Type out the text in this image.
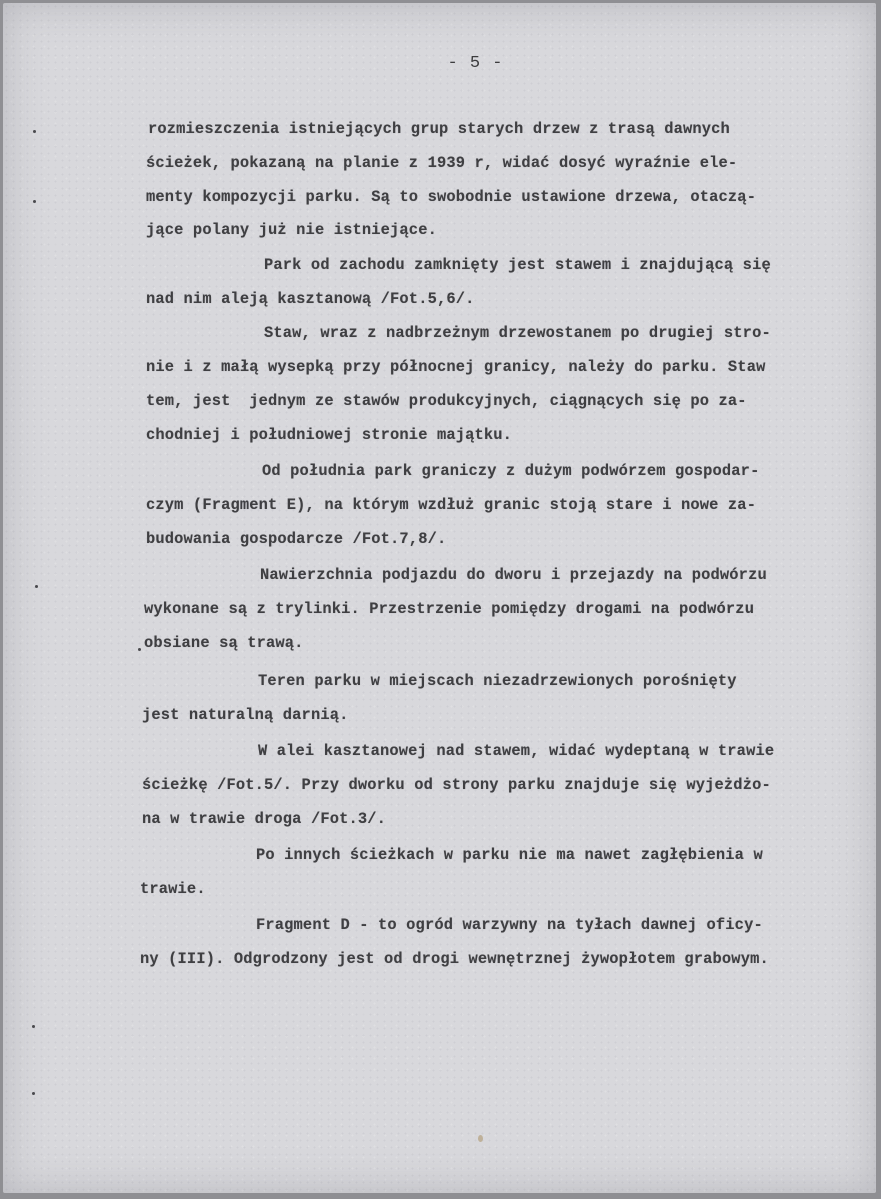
- 5 -
rozmieszczenia istniejących grup starych drzew z trasą dawnych
ścieżek, pokazaną na planie z 1939 r, widać dosyć wyraźnie ele-
menty kompozycji parku. Są to swobodnie ustawione drzewa, otaczą-
jące polany już nie istniejące.
Park od zachodu zamknięty jest stawem i znajdującą się
nad nim aleją kasztanową /Fot.5,6/.
Staw, wraz z nadbrzeżnym drzewostanem po drugiej stro-
nie i z małą wysepką przy północnej granicy, należy do parku. Staw
tem, jest  jednym ze stawów produkcyjnych, ciągnących się po za-
chodniej i południowej stronie majątku.
Od południa park graniczy z dużym podwórzem gospodar-
czym (Fragment E), na którym wzdłuż granic stoją stare i nowe za-
budowania gospodarcze /Fot.7,8/.
Nawierzchnia podjazdu do dworu i przejazdy na podwórzu
wykonane są z trylinki. Przestrzenie pomiędzy drogami na podwórzu
obsiane są trawą.
Teren parku w miejscach niezadrzewionych porośnięty
jest naturalną darnią.
W alei kasztanowej nad stawem, widać wydeptaną w trawie
ścieżkę /Fot.5/. Przy dworku od strony parku znajduje się wyjeżdżo-
na w trawie droga /Fot.3/.
Po innych ścieżkach w parku nie ma nawet zagłębienia w
trawie.
Fragment D - to ogród warzywny na tyłach dawnej oficy-
ny (III). Odgrodzony jest od drogi wewnętrznej żywopłotem grabowym.
